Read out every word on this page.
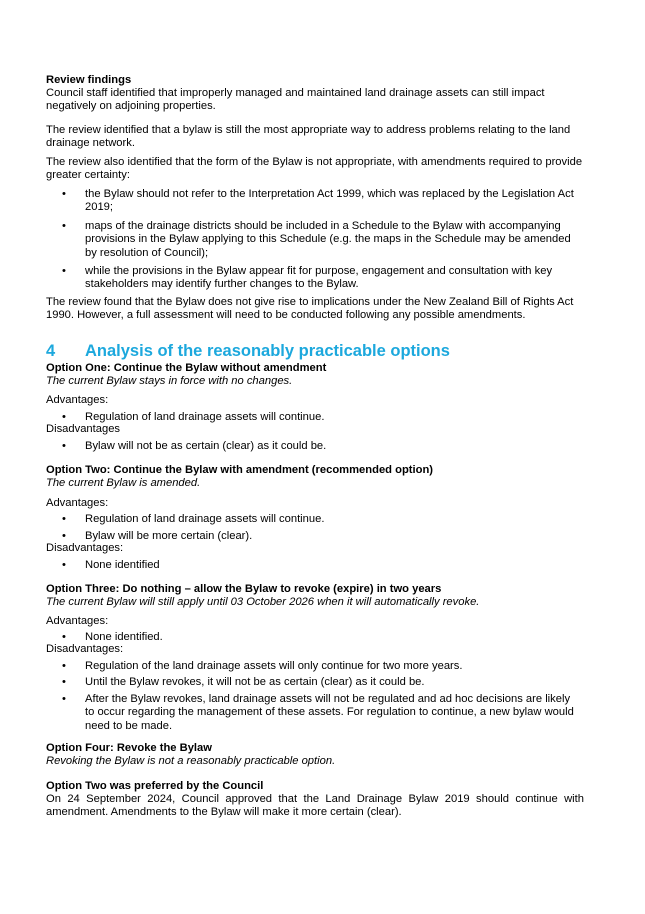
Review findings

Council staff identified that improperly managed and maintained land drainage assets can still impact negatively on adjoining properties.

The review identified that a bylaw is still the most appropriate way to address problems relating to the land drainage network.

The review also identified that the form of the Bylaw is not appropriate, with amendments required to provide greater certainty:

• the Bylaw should not refer to the Interpretation Act 1999, which was replaced by the Legislation Act 2019;
• maps of the drainage districts should be included in a Schedule to the Bylaw with accompanying provisions in the Bylaw applying to this Schedule (e.g. the maps in the Schedule may be amended by resolution of Council);
• while the provisions in the Bylaw appear fit for purpose, engagement and consultation with key stakeholders may identify further changes to the Bylaw.

The review found that the Bylaw does not give rise to implications under the New Zealand Bill of Rights Act 1990. However, a full assessment will need to be conducted following any possible amendments.

4 Analysis of the reasonably practicable options

Option One: Continue the Bylaw without amendment

The current Bylaw stays in force with no changes.

Advantages:

• Regulation of land drainage assets will continue.

Disadvantages

• Bylaw will not be as certain (clear) as it could be.

Option Two: Continue the Bylaw with amendment (recommended option)

The current Bylaw is amended.

Advantages:

• Regulation of land drainage assets will continue.
• Bylaw will be more certain (clear).

Disadvantages:

• None identified

Option Three: Do nothing – allow the Bylaw to revoke (expire) in two years

The current Bylaw will still apply until 03 October 2026 when it will automatically revoke.

Advantages:

• None identified.

Disadvantages:

• Regulation of the land drainage assets will only continue for two more years.
• Until the Bylaw revokes, it will not be as certain (clear) as it could be.
• After the Bylaw revokes, land drainage assets will not be regulated and ad hoc decisions are likely to occur regarding the management of these assets. For regulation to continue, a new bylaw would need to be made.

Option Four: Revoke the Bylaw

Revoking the Bylaw is not a reasonably practicable option.

Option Two was preferred by the Council

On 24 September 2024, Council approved that the Land Drainage Bylaw 2019 should continue with amendment. Amendments to the Bylaw will make it more certain (clear).
